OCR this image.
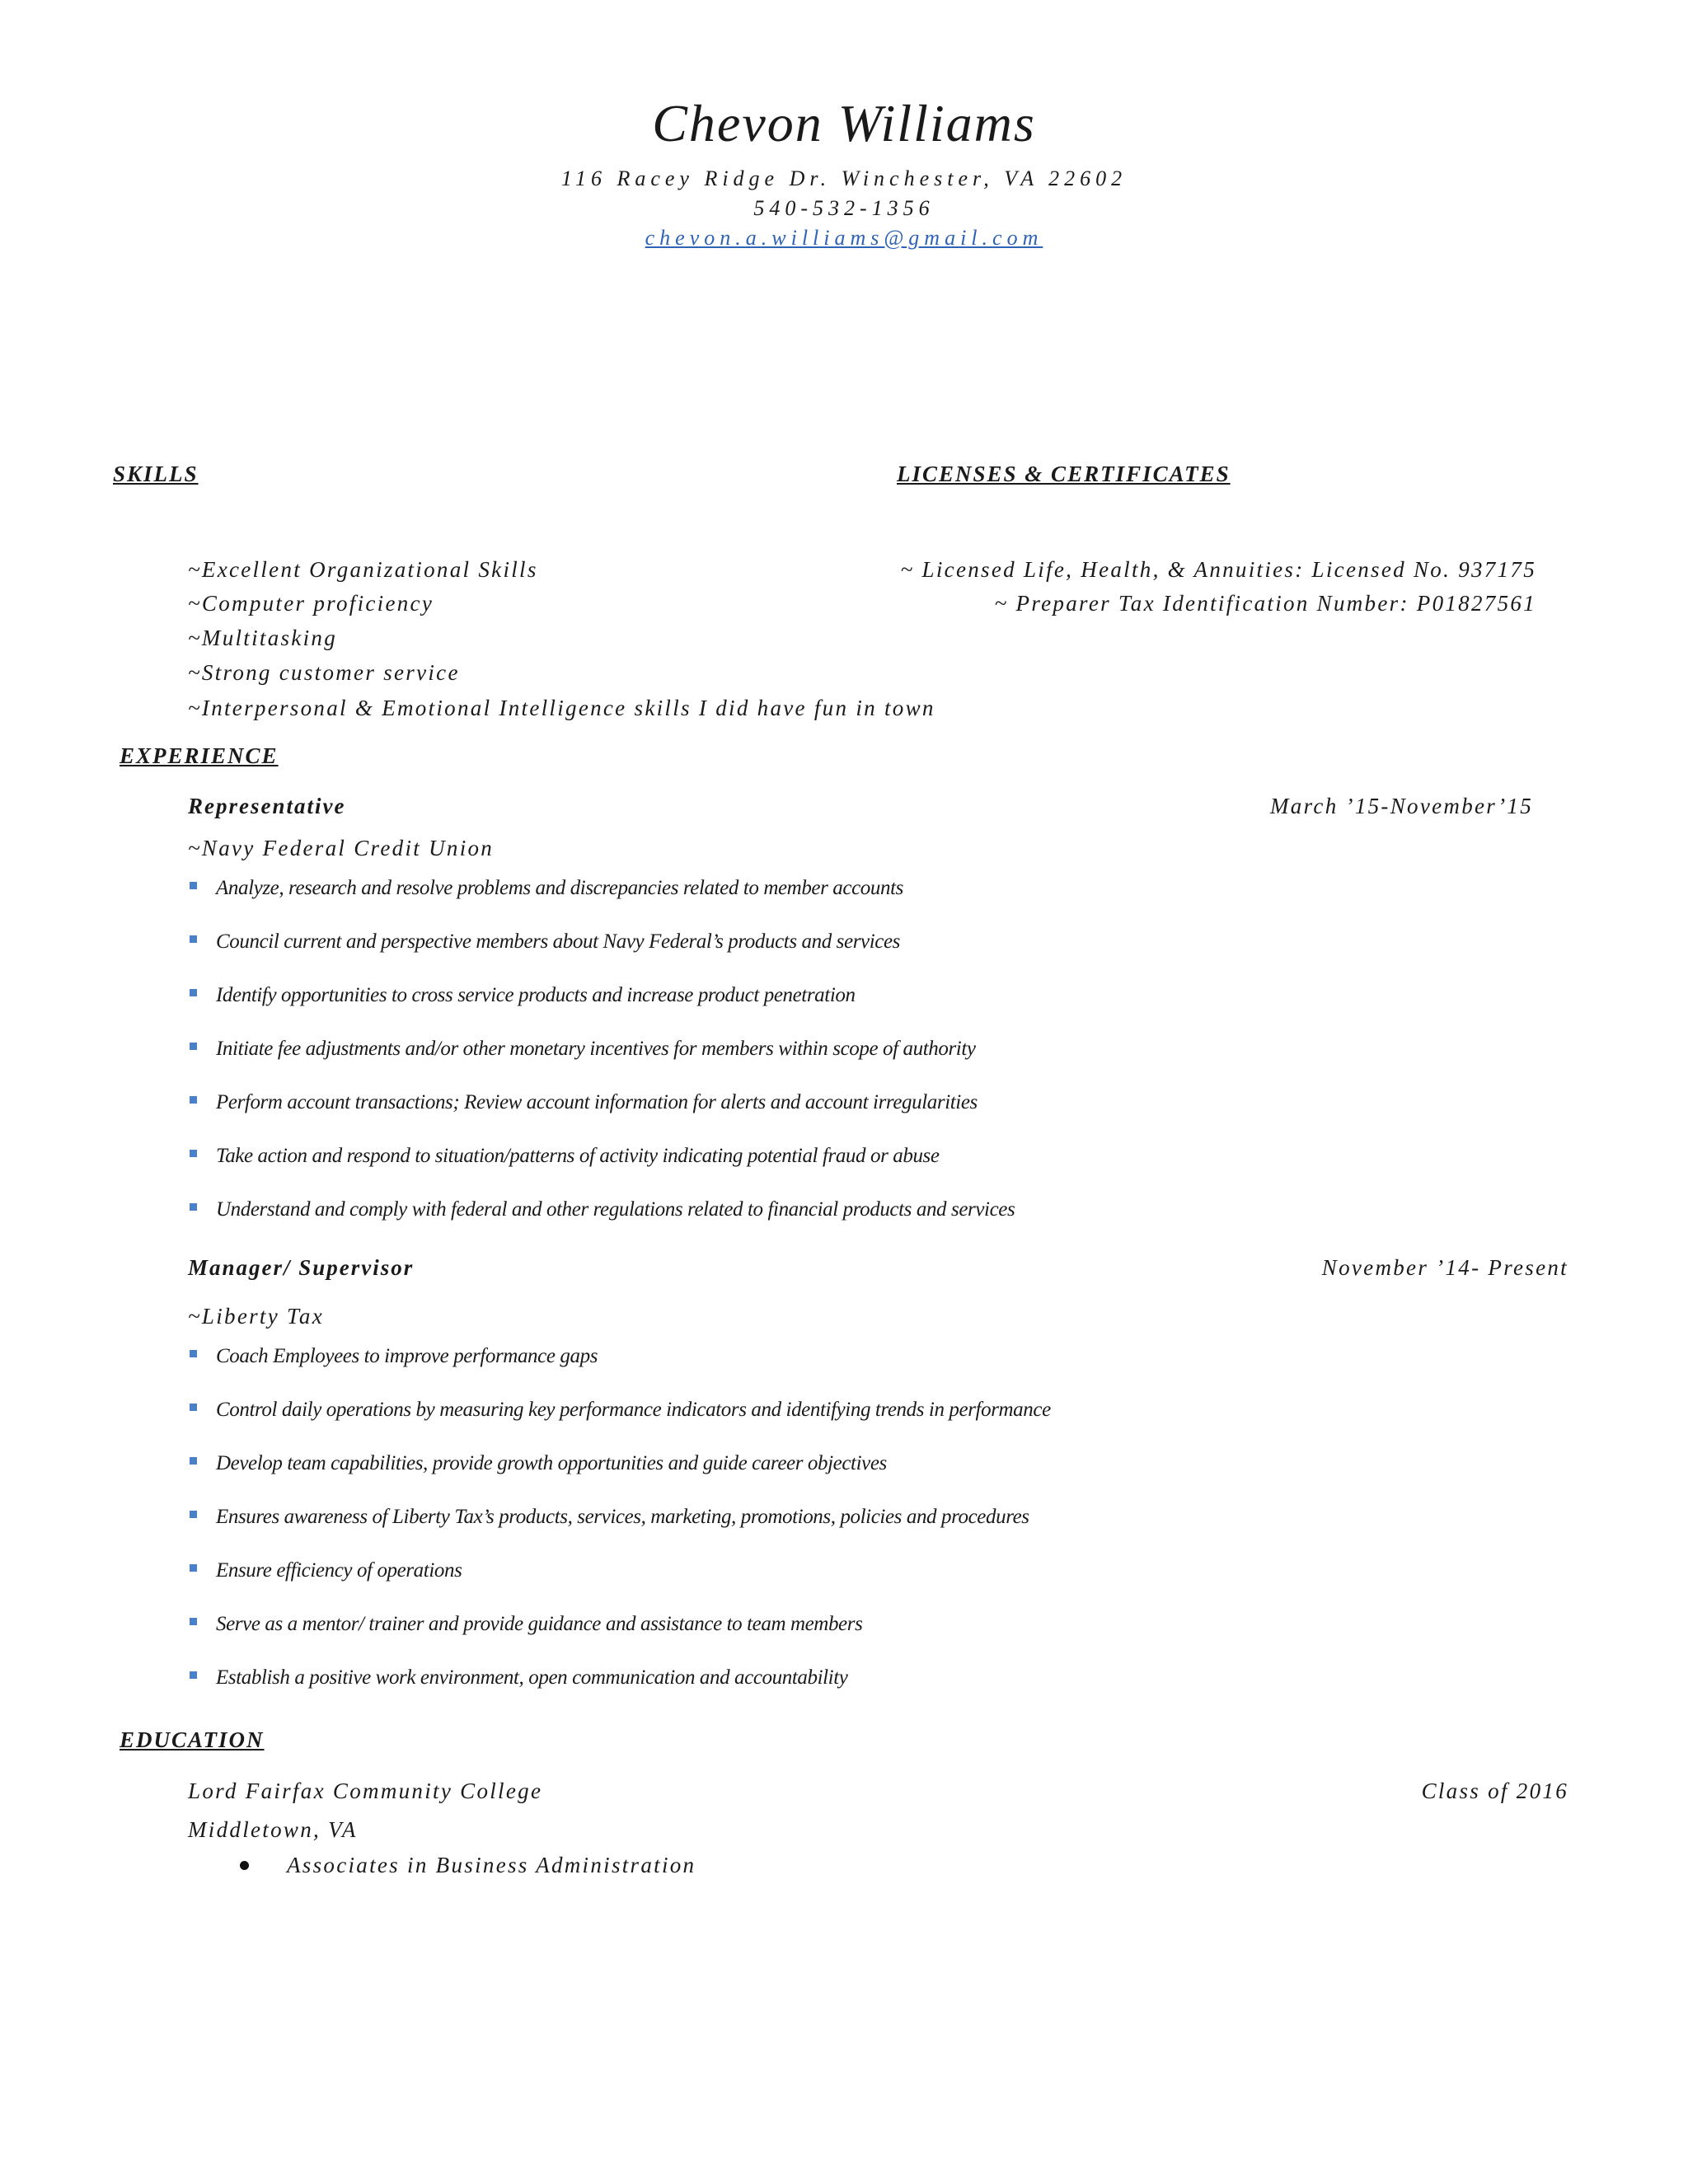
Chevon Williams
116 Racey Ridge Dr. Winchester, VA 22602
540-532-1356
chevon.a.williams@gmail.com
SKILLS	LICENSES & CERTIFICATES
~Excellent Organizational Skills
~Computer proficiency
~Multitasking
~Strong customer service
~Interpersonal & Emotional Intelligence skills I did have fun in town
~ Licensed Life, Health, & Annuities: Licensed No. 937175
~ Preparer Tax Identification Number: P01827561
EXPERIENCE
Representative	March ’15-November’15
~Navy Federal Credit Union
Analyze, research and resolve problems and discrepancies related to member accounts
Council current and perspective members about Navy Federal’s products and services
Identify opportunities to cross service products and increase product penetration
Initiate fee adjustments and/or other monetary incentives for members within scope of authority
Perform account transactions; Review account information for alerts and account irregularities
Take action and respond to situation/patterns of activity indicating potential fraud or abuse
Understand and comply with federal and other regulations related to financial products and services
Manager/ Supervisor	November ’14- Present
~Liberty Tax
Coach Employees to improve performance gaps
Control daily operations by measuring key performance indicators and identifying trends in performance
Develop team capabilities, provide growth opportunities and guide career objectives
Ensures awareness of Liberty Tax’s products, services, marketing, promotions, policies and procedures
Ensure efficiency of operations
Serve as a mentor/ trainer and provide guidance and assistance to team members
Establish a positive work environment, open communication and accountability
EDUCATION
Lord Fairfax Community College	Class of 2016
Middletown, VA
Associates in Business Administration
